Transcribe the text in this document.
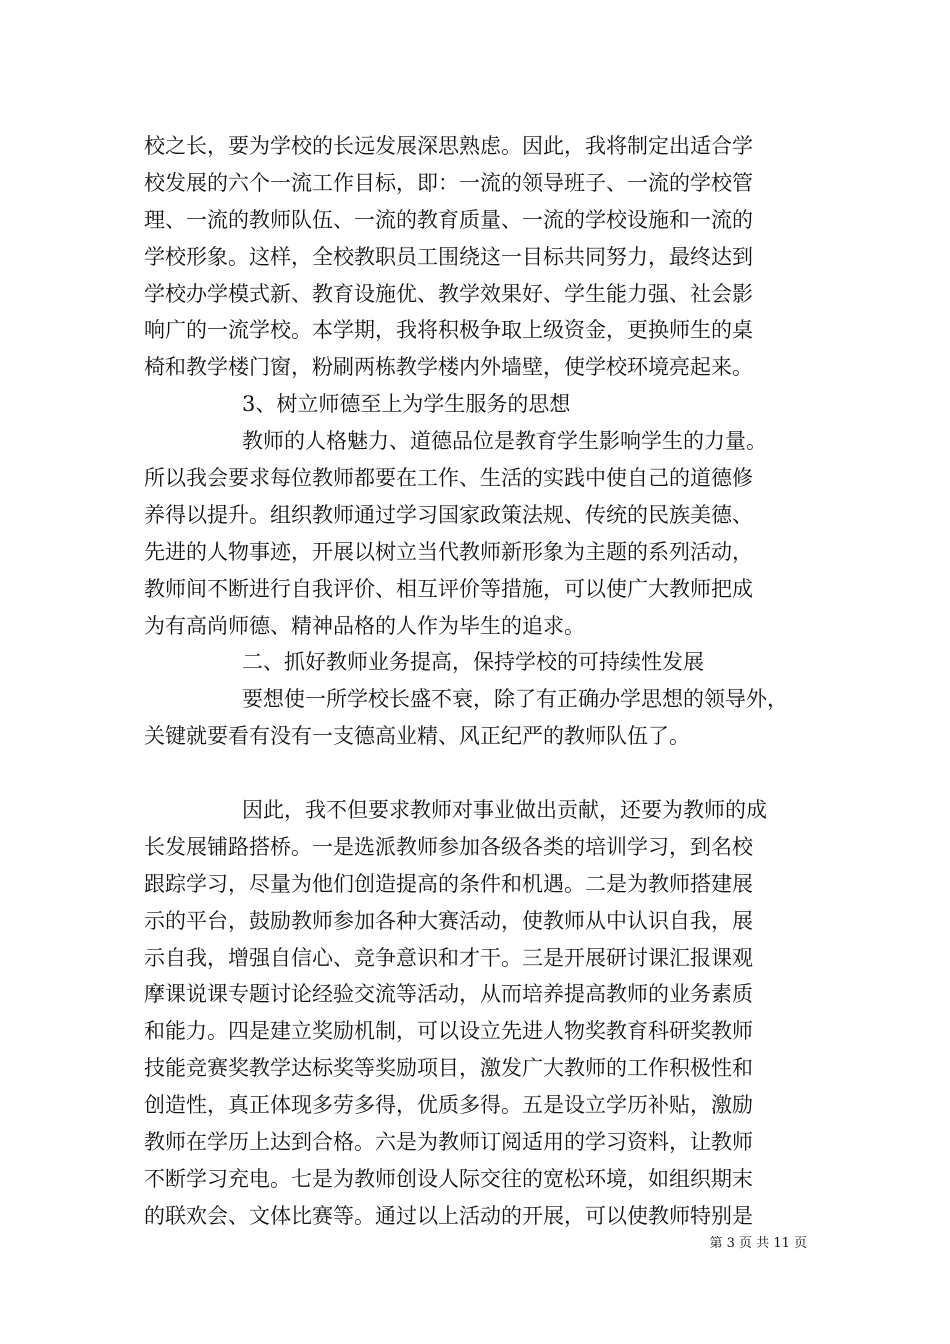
校之长，要为学校的长远发展深思熟虑。因此，我将制定出适合学
校发展的六个一流工作目标，即：一流的领导班子、一流的学校管
理、一流的教师队伍、一流的教育质量、一流的学校设施和一流的
学校形象。这样，全校教职员工围绕这一目标共同努力，最终达到
学校办学模式新、教育设施优、教学效果好、学生能力强、社会影
响广的一流学校。本学期，我将积极争取上级资金，更换师生的桌
椅和教学楼门窗，粉刷两栋教学楼内外墙壁，使学校环境亮起来。
3、树立师德至上为学生服务的思想
教师的人格魅力、道德品位是教育学生影响学生的力量。
所以我会要求每位教师都要在工作、生活的实践中使自己的道德修
养得以提升。组织教师通过学习国家政策法规、传统的民族美德、
先进的人物事迹，开展以树立当代教师新形象为主题的系列活动，
教师间不断进行自我评价、相互评价等措施，可以使广大教师把成
为有高尚师德、精神品格的人作为毕生的追求。
二、抓好教师业务提高，保持学校的可持续性发展
要想使一所学校长盛不衰，除了有正确办学思想的领导外，
关键就要看有没有一支德高业精、风正纪严的教师队伍了。
因此，我不但要求教师对事业做出贡献，还要为教师的成
长发展铺路搭桥。一是选派教师参加各级各类的培训学习，到名校
跟踪学习，尽量为他们创造提高的条件和机遇。二是为教师搭建展
示的平台，鼓励教师参加各种大赛活动，使教师从中认识自我，展
示自我，增强自信心、竞争意识和才干。三是开展研讨课汇报课观
摩课说课专题讨论经验交流等活动，从而培养提高教师的业务素质
和能力。四是建立奖励机制，可以设立先进人物奖教育科研奖教师
技能竞赛奖教学达标奖等奖励项目，激发广大教师的工作积极性和
创造性，真正体现多劳多得，优质多得。五是设立学历补贴，激励
教师在学历上达到合格。六是为教师订阅适用的学习资料，让教师
不断学习充电。七是为教师创设人际交往的宽松环境，如组织期末
的联欢会、文体比赛等。通过以上活动的开展，可以使教师特别是
第 3 页 共 11 页
